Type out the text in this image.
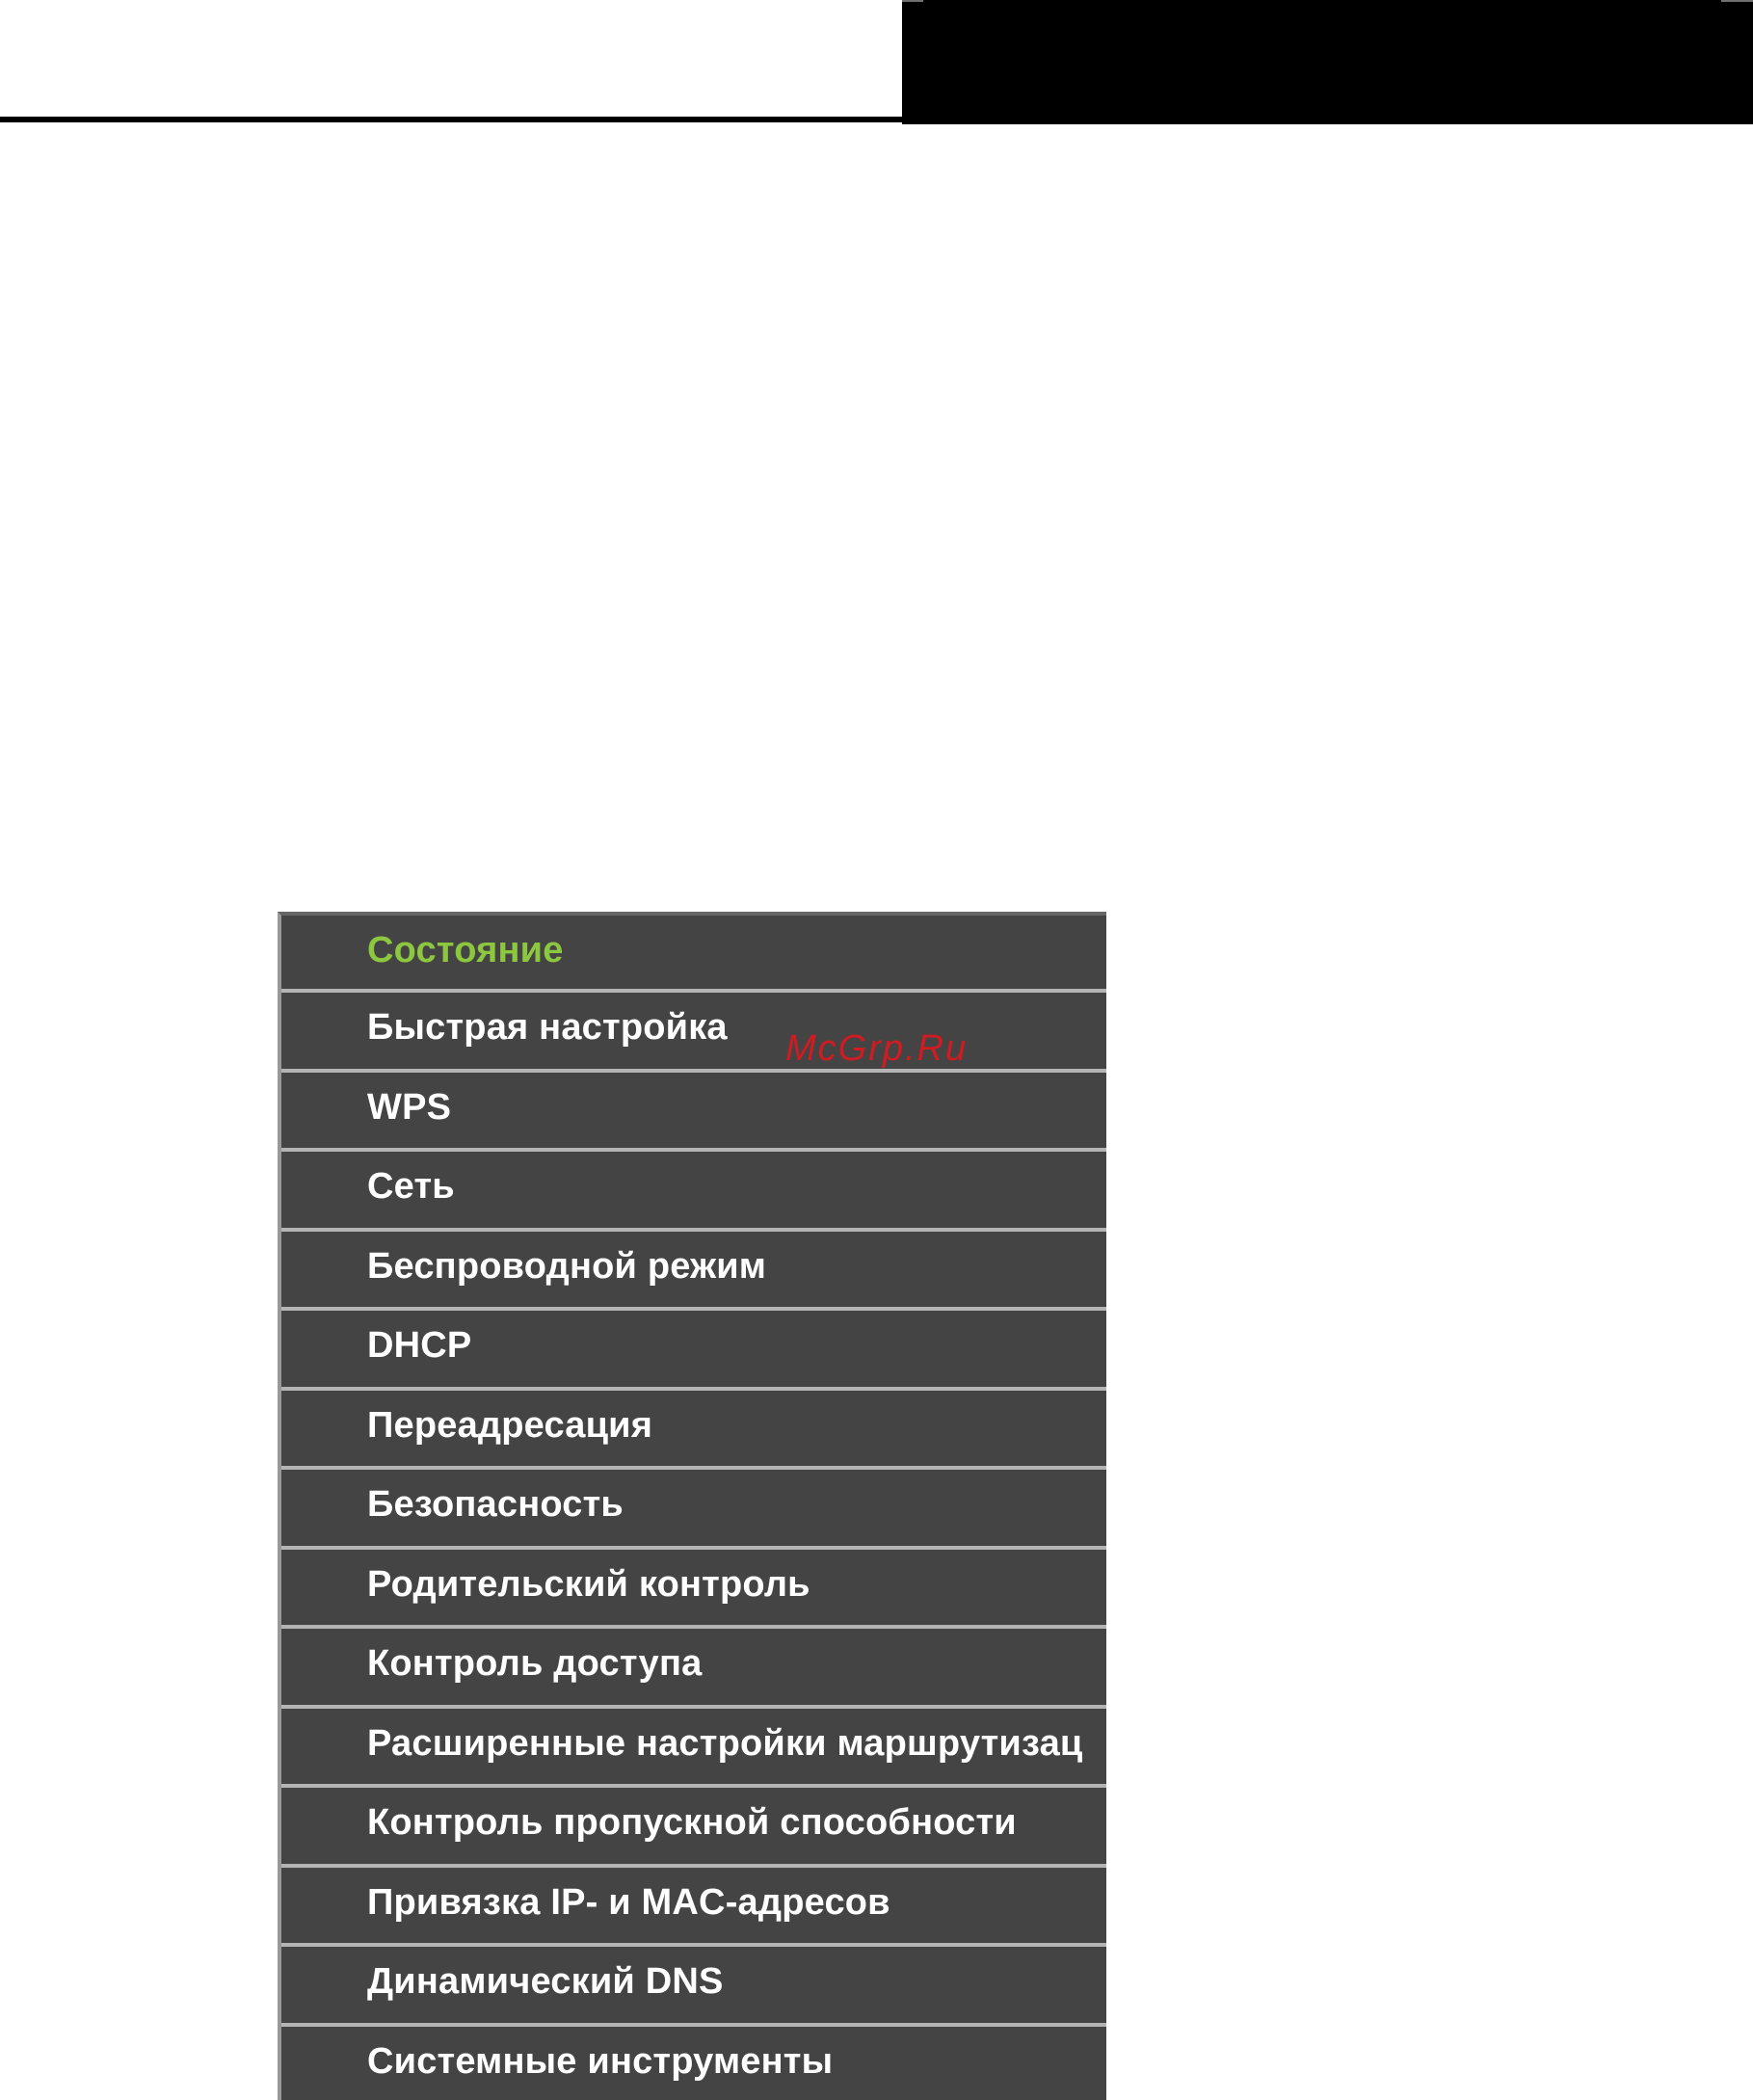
Состояние
Быстрая настройка
WPS
Сеть
Беспроводной режим
DHCP
Переадресация
Безопасность
Родительский контроль
Контроль доступа
Расширенные настройки маршрутизац
Контроль пропускной способности
Привязка IP- и MAC-адресов
Динамический DNS
Системные инструменты
McGrp.Ru
